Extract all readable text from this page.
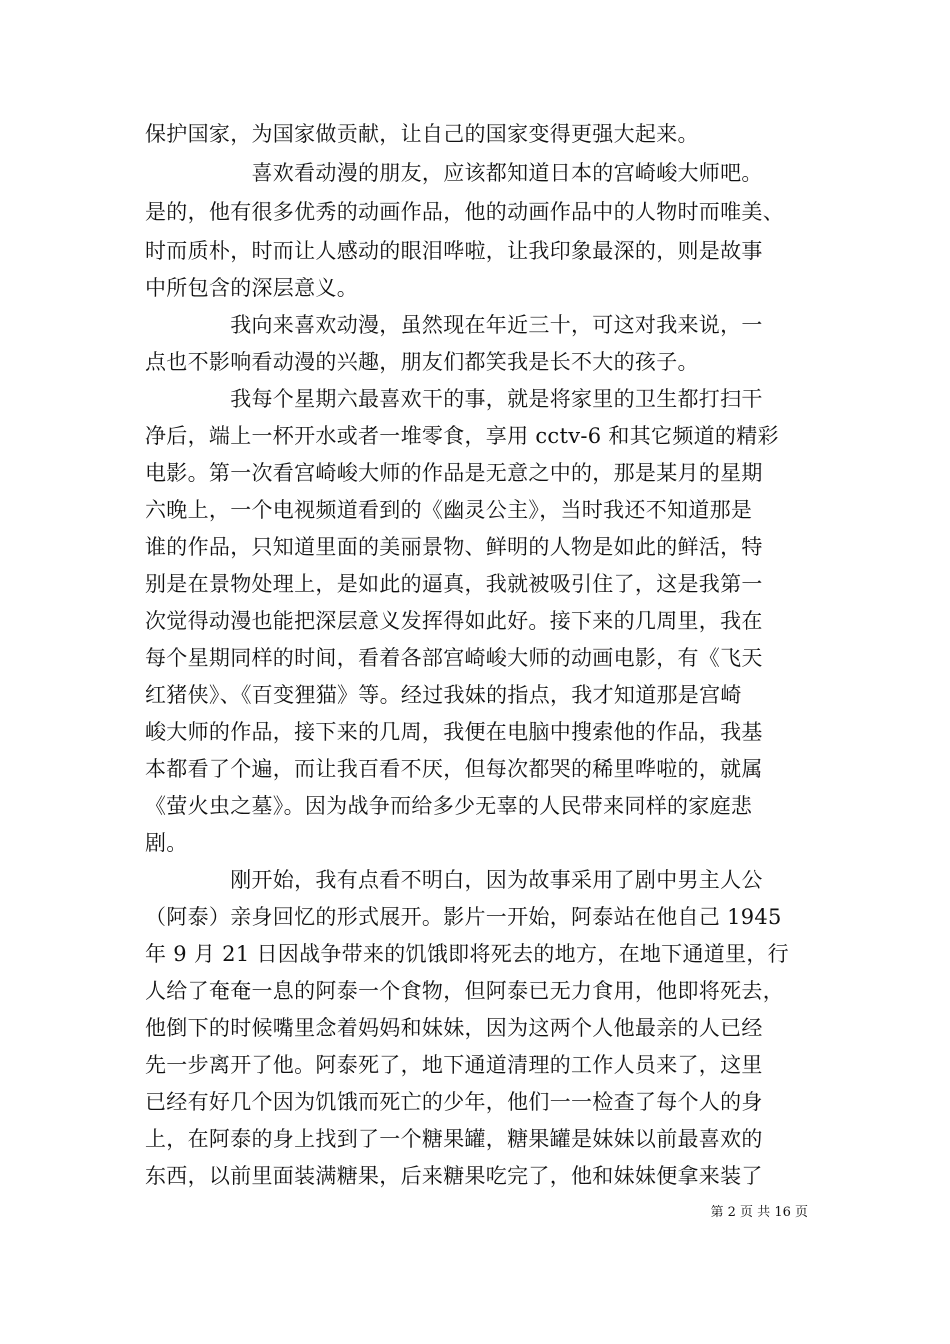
保护国家，为国家做贡献，让自己的国家变得更强大起来。
　　　　　喜欢看动漫的朋友，应该都知道日本的宫崎峻大师吧。
是的，他有很多优秀的动画作品，他的动画作品中的人物时而唯美、
时而质朴，时而让人感动的眼泪哗啦，让我印象最深的，则是故事
中所包含的深层意义。
　　　　我向来喜欢动漫，虽然现在年近三十，可这对我来说，一
点也不影响看动漫的兴趣，朋友们都笑我是长不大的孩子。
　　　　我每个星期六最喜欢干的事，就是将家里的卫生都打扫干
净后，端上一杯开水或者一堆零食，享用 cctv-6 和其它频道的精彩
电影。第一次看宫崎峻大师的作品是无意之中的，那是某月的星期
六晚上，一个电视频道看到的《幽灵公主》，当时我还不知道那是
谁的作品，只知道里面的美丽景物、鲜明的人物是如此的鲜活，特
别是在景物处理上，是如此的逼真，我就被吸引住了，这是我第一
次觉得动漫也能把深层意义发挥得如此好。接下来的几周里，我在
每个星期同样的时间，看着各部宫崎峻大师的动画电影，有《飞天
红猪侠》、《百变狸猫》等。经过我妹的指点，我才知道那是宫崎
峻大师的作品，接下来的几周，我便在电脑中搜索他的作品，我基
本都看了个遍，而让我百看不厌，但每次都哭的稀里哗啦的，就属
《萤火虫之墓》。因为战争而给多少无辜的人民带来同样的家庭悲
剧。
　　　　刚开始，我有点看不明白，因为故事采用了剧中男主人公
（阿泰）亲身回忆的形式展开。影片一开始，阿泰站在他自己 1945
年 9 月 21 日因战争带来的饥饿即将死去的地方，在地下通道里，行
人给了奄奄一息的阿泰一个食物，但阿泰已无力食用，他即将死去，
他倒下的时候嘴里念着妈妈和妹妹，因为这两个人他最亲的人已经
先一步离开了他。阿泰死了，地下通道清理的工作人员来了，这里
已经有好几个因为饥饿而死亡的少年，他们一一检查了每个人的身
上，在阿泰的身上找到了一个糖果罐，糖果罐是妹妹以前最喜欢的
东西，以前里面装满糖果，后来糖果吃完了，他和妹妹便拿来装了
第 2 页 共 16 页
